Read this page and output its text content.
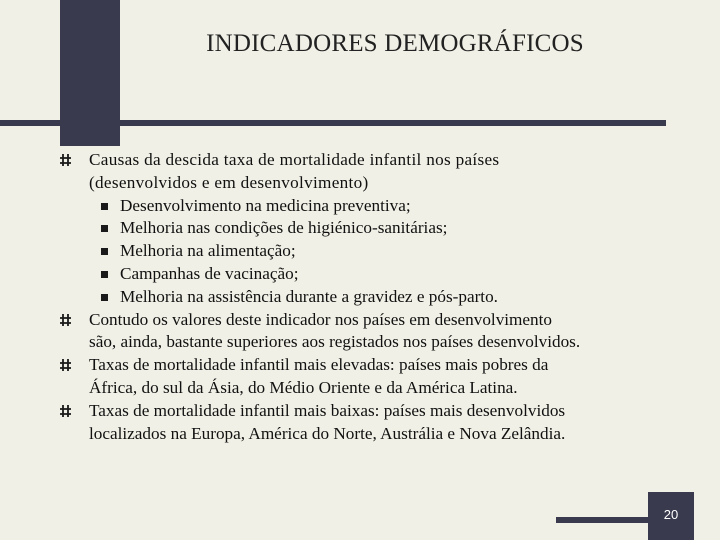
INDICADORES DEMOGRÁFICOS
Causas da descida taxa de mortalidade infantil nos países
(desenvolvidos e em desenvolvimento)
Desenvolvimento na medicina preventiva;
Melhoria nas condições de higiénico-sanitárias;
Melhoria na alimentação;
Campanhas de vacinação;
Melhoria na assistência durante a gravidez e pós-parto.
Contudo os valores deste indicador nos países em desenvolvimento
são, ainda, bastante superiores aos registados nos países desenvolvidos.
Taxas de mortalidade infantil mais elevadas: países mais pobres da
África, do sul da Ásia, do Médio Oriente e da América Latina.
Taxas de mortalidade infantil mais baixas: países mais desenvolvidos
localizados na Europa, América do Norte, Austrália e Nova Zelândia.
20
